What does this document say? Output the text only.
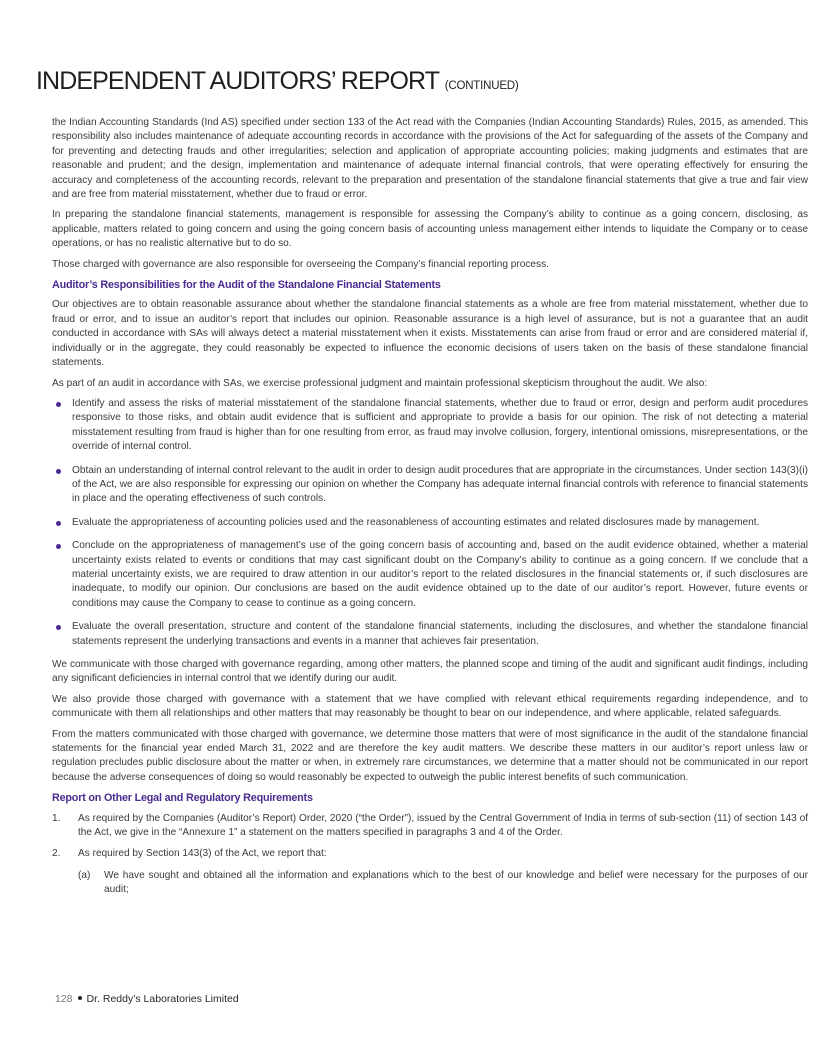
INDEPENDENT AUDITORS’ REPORT (CONTINUED)

the Indian Accounting Standards (Ind AS) specified under section 133 of the Act read with the Companies (Indian Accounting Standards) Rules, 2015, as amended. This responsibility also includes maintenance of adequate accounting records in accordance with the provisions of the Act for safeguarding of the assets of the Company and for preventing and detecting frauds and other irregularities; selection and application of appropriate accounting policies; making judgments and estimates that are reasonable and prudent; and the design, implementation and maintenance of adequate internal financial controls, that were operating effectively for ensuring the accuracy and completeness of the accounting records, relevant to the preparation and presentation of the standalone financial statements that give a true and fair view and are free from material misstatement, whether due to fraud or error.

In preparing the standalone financial statements, management is responsible for assessing the Company’s ability to continue as a going concern, disclosing, as applicable, matters related to going concern and using the going concern basis of accounting unless management either intends to liquidate the Company or to cease operations, or has no realistic alternative but to do so.

Those charged with governance are also responsible for overseeing the Company’s financial reporting process.

Auditor’s Responsibilities for the Audit of the Standalone Financial Statements

Our objectives are to obtain reasonable assurance about whether the standalone financial statements as a whole are free from material misstatement, whether due to fraud or error, and to issue an auditor’s report that includes our opinion. Reasonable assurance is a high level of assurance, but is not a guarantee that an audit conducted in accordance with SAs will always detect a material misstatement when it exists. Misstatements can arise from fraud or error and are considered material if, individually or in the aggregate, they could reasonably be expected to influence the economic decisions of users taken on the basis of these standalone financial statements.

As part of an audit in accordance with SAs, we exercise professional judgment and maintain professional skepticism throughout the audit. We also:

Identify and assess the risks of material misstatement of the standalone financial statements, whether due to fraud or error, design and perform audit procedures responsive to those risks, and obtain audit evidence that is sufficient and appropriate to provide a basis for our opinion. The risk of not detecting a material misstatement resulting from fraud is higher than for one resulting from error, as fraud may involve collusion, forgery, intentional omissions, misrepresentations, or the override of internal control.
Obtain an understanding of internal control relevant to the audit in order to design audit procedures that are appropriate in the circumstances. Under section 143(3)(i) of the Act, we are also responsible for expressing our opinion on whether the Company has adequate internal financial controls with reference to financial statements in place and the operating effectiveness of such controls.
Evaluate the appropriateness of accounting policies used and the reasonableness of accounting estimates and related disclosures made by management.
Conclude on the appropriateness of management’s use of the going concern basis of accounting and, based on the audit evidence obtained, whether a material uncertainty exists related to events or conditions that may cast significant doubt on the Company’s ability to continue as a going concern. If we conclude that a material uncertainty exists, we are required to draw attention in our auditor’s report to the related disclosures in the financial statements or, if such disclosures are inadequate, to modify our opinion. Our conclusions are based on the audit evidence obtained up to the date of our auditor’s report. However, future events or conditions may cause the Company to cease to continue as a going concern.
Evaluate the overall presentation, structure and content of the standalone financial statements, including the disclosures, and whether the standalone financial statements represent the underlying transactions and events in a manner that achieves fair presentation.

We communicate with those charged with governance regarding, among other matters, the planned scope and timing of the audit and significant audit findings, including any significant deficiencies in internal control that we identify during our audit.

We also provide those charged with governance with a statement that we have complied with relevant ethical requirements regarding independence, and to communicate with them all relationships and other matters that may reasonably be thought to bear on our independence, and where applicable, related safeguards.

From the matters communicated with those charged with governance, we determine those matters that were of most significance in the audit of the standalone financial statements for the financial year ended March 31, 2022 and are therefore the key audit matters. We describe these matters in our auditor’s report unless law or regulation precludes public disclosure about the matter or when, in extremely rare circumstances, we determine that a matter should not be communicated in our report because the adverse consequences of doing so would reasonably be expected to outweigh the public interest benefits of such communication.

Report on Other Legal and Regulatory Requirements

1. As required by the Companies (Auditor’s Report) Order, 2020 (“the Order”), issued by the Central Government of India in terms of sub-section (11) of section 143 of the Act, we give in the “Annexure 1” a statement on the matters specified in paragraphs 3 and 4 of the Order.
2. As required by Section 143(3) of the Act, we report that:
(a) We have sought and obtained all the information and explanations which to the best of our knowledge and belief were necessary for the purposes of our audit;
128 Dr. Reddy’s Laboratories Limited
